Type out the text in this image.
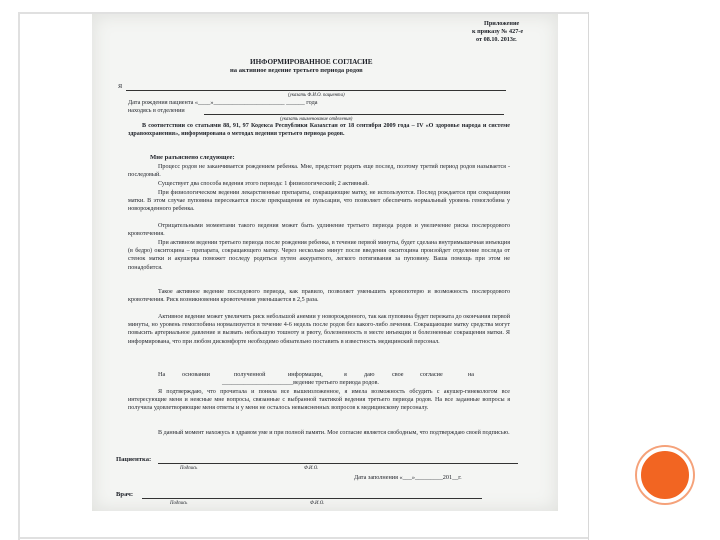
Приложение
к приказу № 427-е
от 08.10. 2013г.
ИНФОРМИРОВАННОЕ СОГЛАСИЕ
на активное ведение третьего периода родов
Я
(указать Ф.И.О. пациента)
Дата рождения пациента «____»_______________________ ______ года
находясь в отделении
(указать наименование отделения)
В соответствии со статьями 88, 91, 97 Кодекса Республики Казахстан от 18 сентября 2009 года – IV «О здоровье народа и системе здравоохранения», информирована о методах ведения третьего периода родов.
Мне разъяснено следующее:
Процесс родов не заканчивается рождением ребенка. Мне, предстоит родить еще послед, поэтому третий период родов называется - последовый.
Существует два способа ведения этого периода: 1 физиологический; 2 активный.
При физиологическом ведении лекарственные препараты, сокращающие матку, не используются. Послед рождается при сокращении матки. В этом случае пуповина пересекается после прекращения ее пульсации, что позволяет обеспечить нормальный уровень гемоглобина у новорожденного ребенка.
Отрицательными моментами такого ведения может быть удлинение третьего периода родов и увеличение риска послеродового кровотечения.
При активном ведении третьего периода после рождения ребенка, в течение первой минуты, будет сделана внутримышечная инъекция (в бедро) окситоцина – препарата, сокращающего матку. Через несколько минут после введения окситоцина произойдет отделение последа от стенок матки и акушерка поможет последу родиться путем аккуратного, легкого потягивания за пуповину. Ваша помощь при этом не понадобится.
Такое активное ведение последового периода, как правило, позволяет уменьшить кровопотерю и возможность послеродового кровотечения. Риск возникновения кровотечения уменьшается в 2,5 раза.
Активное ведение может увеличить риск небольшой анемии у новорожденного, так как пуповина будет пережата до окончания первой минуты, но уровень гемоглобина нормализуется в течение 4-6 недель после родов без какого-либо лечения. Сокращающие матку средства могут повысить артериальное давление и вызвать небольшую тошноту и рвоту, болезненность в месте инъекции и болезненные сокращения матки. Я информирована, что при любом дискомфорте необходимо обязательно поставить в известность медицинский персонал.
На	основании	полученной	информации,	я	даю	свое	согласие	на
_______________________ведение третьего периода родов.
Я подтверждаю, что прочитала и поняла все вышеизложенное, я имела возможность обсудить с акушер-гинекологом все интересующие меня и неясные мне вопросы, связанные с выбранной тактикой ведения третьего периода родов. На все заданные вопросы я получила удовлетворяющие меня ответы и у меня не осталось невыясненных вопросов к медицинскому персоналу.
В данный момент нахожусь в здравом уме и при полной памяти. Мое согласие является свободным, что подтверждаю своей подписью.
Пациентка:
Подпись	Ф.И.О.
Дата заполнения «___»_________201__г.
Врач:
Подпись	Ф.И.О.
